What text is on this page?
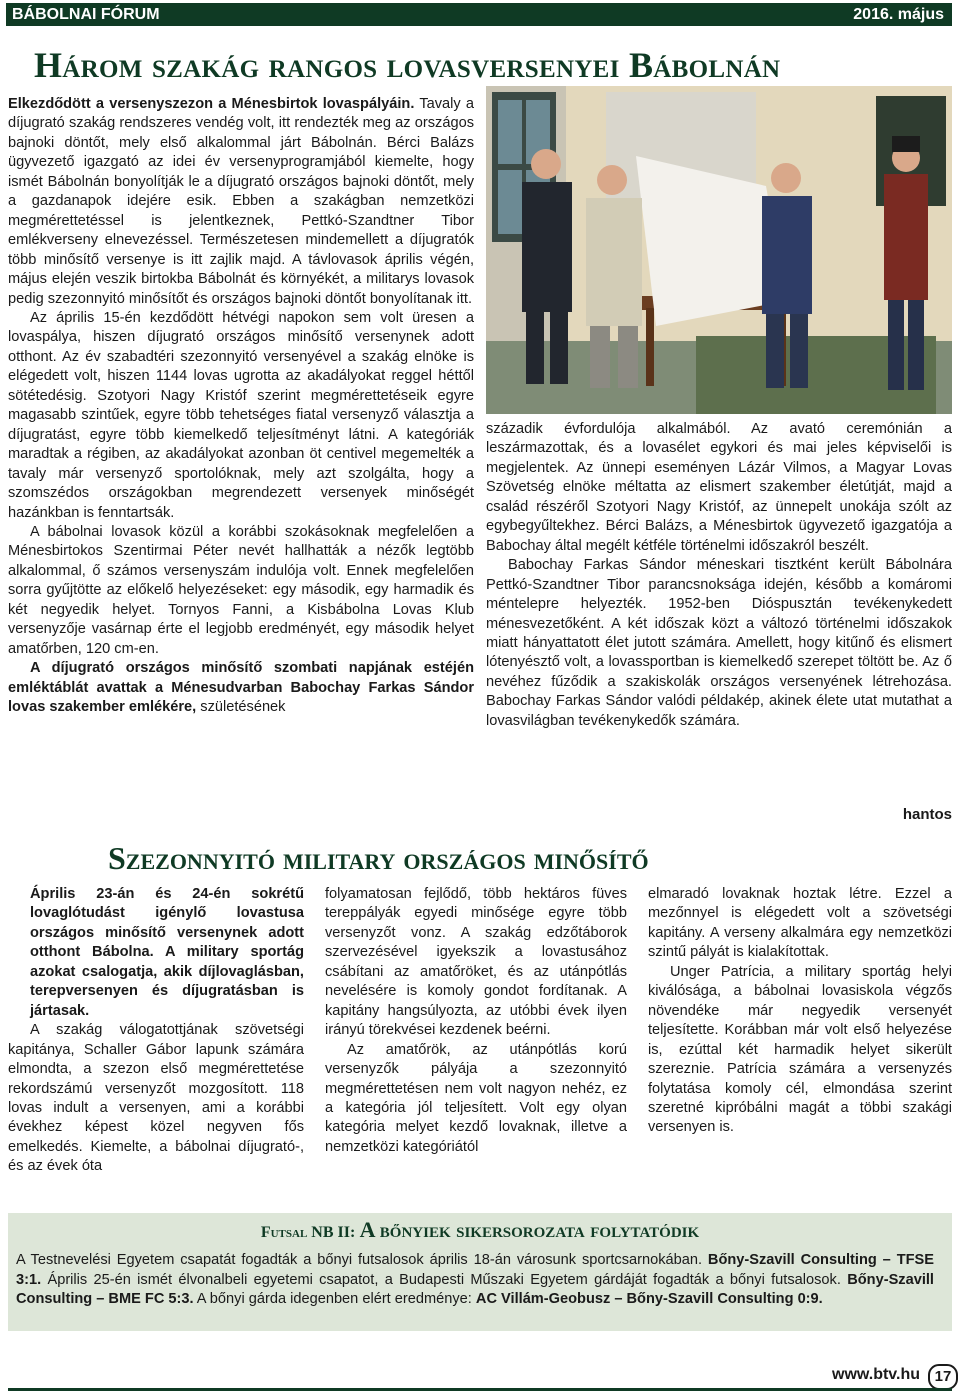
BÁBOLNAI FÓRUM	2016. május
Három szakág rangos lovasversenyei Bábolnán

Elkezdődött a versenyszezon a Ménesbirtok lovaspályáin. Tavaly a díjugrató szakág rendszeres vendég volt, itt rendezték meg az országos bajnoki döntőt, mely első alkalommal járt Bábolnán. Bérci Balázs ügyvezető igazgató az idei év versenyprogramjából kiemelte, hogy ismét Bábolnán bonyolítják le a díjugrató országos bajnoki döntőt, mely a gazdanapok idejére esik. Ebben a szakágban nemzetközi megmérettetéssel is jelentkeznek, Pettkó-Szandtner Tibor emlékverseny elnevezéssel. Természetesen mindemellett a díjugratók több minősítő versenye is itt zajlik majd. A távlovasok április végén, május elején veszik birtokba Bábolnát és környékét, a militarys lovasok pedig szezonnyitó minősítőt és országos bajnoki döntőt bonyolítanak itt.

Az április 15-én kezdődött hétvégi napokon sem volt üresen a lovaspálya, hiszen díjugrató országos minősítő versenynek adott otthont. Az év szabadtéri szezonnyitó versenyével a szakág elnöke is elégedett volt, hiszen 1144 lovas ugrotta az akadályokat reggel héttől sötétedésig. Szotyori Nagy Kristóf szerint megmérettetéseik egyre magasabb szintűek, egyre több tehetséges fiatal versenyző választja a díjugratást, egyre több kiemelkedő teljesítményt látni. A kategóriák maradtak a régiben, az akadályokat azonban öt centivel megemelték a tavaly már versenyző sportolóknak, mely azt szolgálta, hogy a szomszédos országokban megrendezett versenyek minőségét hazánkban is fenntartsák.

A bábolnai lovasok közül a korábbi szokásoknak megfelelően a Ménesbirtokos Szentirmai Péter nevét hallhatták a nézők legtöbb alkalommal, ő számos versenyszám indulója volt. Ennek megfelelően sorra gyűjtötte az előkelő helyezéseket: egy második, egy harmadik és két negyedik helyet. Tornyos Fanni, a Kisbábolna Lovas Klub versenyzője vasárnap érte el legjobb eredményét, egy második helyet amatőrben, 120 cm-en.

A díjugrató országos minősítő szombati napjának estéjén emléktáblát avattak a Ménesudvarban Babochay Farkas Sándor lovas szakember emlékére, születésének

századik évfordulója alkalmából. Az avató ceremónián a leszármazottak, és a lovasélet egykori és mai jeles képviselői is megjelentek. Az ünnepi eseményen Lázár Vilmos, a Magyar Lovas Szövetség elnöke méltatta az elismert szakember életútját, majd a család részéről Szotyori Nagy Kristóf, az ünnepelt unokája szólt az egybegyűltekhez. Bérci Balázs, a Ménesbirtok ügyvezető igazgatója a Babochay által megélt kétféle történelmi időszakról beszélt.

Babochay Farkas Sándor méneskari tisztként került Bábolnára Pettkó-Szandtner Tibor parancsnoksága idején, később a komáromi méntelepre helyezték. 1952-ben Dióspusztán tevékenykedett ménesvezetőként. A két időszak közt a változó történelmi időszakok miatt hányattatott élet jutott számára. Amellett, hogy kitűnő és elismert lótenyésztő volt, a lovassportban is kiemelkedő szerepet töltött be. Az ő nevéhez fűződik a szakiskolák országos versenyének létrehozása. Babochay Farkas Sándor valódi példakép, akinek élete utat mutathat a lovasvilágban tevékenykedők számára.

hantos
Szezonnyitó military országos minősítő

Április 23-án és 24-én sokrétű lovaglótudást igénylő lovastusa országos minősítő versenynek adott otthont Bábolna. A military sportág azokat csalogatja, akik díjlovaglásban, terepversenyen és díjugratásban is jártasak.

A szakág válogatottjának szövetségi kapitánya, Schaller Gábor lapunk számára elmondta, a szezon első megmérettetése rekordszámú versenyzőt mozgosított. 118 lovas indult a versenyen, ami a korábbi évekhez képest közel negyven fős emelkedés. Kiemelte, a bábolnai díjugrató-, és az évek óta

folyamatosan fejlődő, több hektáros füves tereppályák egyedi minősége egyre több versenyzőt vonz. A szakág edzőtáborok szervezésével igyekszik a lovastusához csábítani az amatőröket, és az utánpótlás nevelésére is komoly gondot fordítanak. A kapitány hangsúlyozta, az utóbbi évek ilyen irányú törekvései kezdenek beérni.

Az amatőrök, az utánpótlás korú versenyzők pályája a szezonnyitó megmérettetésen nem volt nagyon nehéz, ez a kategória jól teljesített. Volt egy olyan kategória melyet kezdő lovaknak, illetve a nemzetközi kategóriától

elmaradó lovaknak hoztak létre. Ezzel a mezőnnyel is elégedett volt a szövetségi kapitány. A verseny alkalmára egy nemzetközi szintű pályát is kialakítottak.

Unger Patrícia, a military sportág helyi kiválósága, a bábolnai lovasiskola végzős növendéke már negyedik versenyét teljesítette. Korábban már volt első helyezése is, ezúttal két harmadik helyet sikerült szereznie. Patrícia számára a versenyzés folytatása komoly cél, elmondása szerint szeretné kipróbálni magát a többi szakági versenyen is.

Futsal NB II: A bőnyiek sikersorozata folytatódik
A Testnevelési Egyetem csapatát fogadták a bőnyi futsalosok április 18-án városunk sportcsarnokában. Bőny-Szavill Consulting – TFSE 3:1. Április 25-én ismét élvonalbeli egyetemi csapatot, a Budapesti Műszaki Egyetem gárdáját fogadták a bőnyi futsalosok. Bőny-Szavill Consulting – BME FC 5:3. A bőnyi gárda idegenben elért eredménye: AC Villám-Geobusz – Bőny-Szavill Consulting 0:9.
www.btv.hu 17
